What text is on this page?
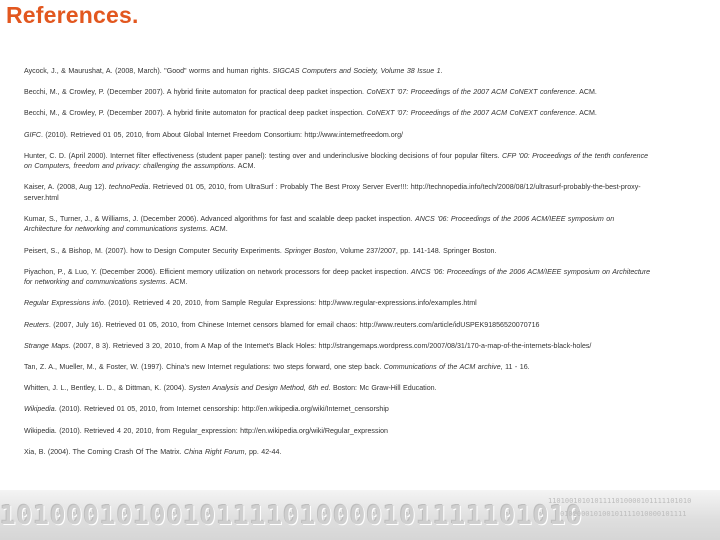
References.

Aycock, J., & Maurushat, A. (2008, March). "Good" worms and human rights. SIGCAS Computers and Society, Volume 38 Issue 1.

Becchi, M., & Crowley, P. (December 2007). A hybrid finite automaton for practical deep packet inspection. CoNEXT '07: Proceedings of the 2007 ACM CoNEXT conference. ACM.

Becchi, M., & Crowley, P. (December 2007). A hybrid finite automaton for practical deep packet inspection. CoNEXT '07: Proceedings of the 2007 ACM CoNEXT conference. ACM.

GIFC. (2010). Retrieved 01 05, 2010, from About Global Internet Freedom Consortium: http://www.internetfreedom.org/

Hunter, C. D. (April 2000). Internet filter effectiveness (student paper panel): testing over and underinclusive blocking decisions of four popular filters. CFP '00: Proceedings of the tenth conference on Computers, freedom and privacy: challenging the assumptions. ACM.

Kaiser, A. (2008, Aug 12). technoPedia. Retrieved 01 05, 2010, from UltraSurf : Probably The Best Proxy Server Ever!!!: http://technopedia.info/tech/2008/08/12/ultrasurf-probably-the-best-proxy-server.html

Kumar, S., Turner, J., & Williams, J. (December 2006). Advanced algorithms for fast and scalable deep packet inspection. ANCS '06: Proceedings of the 2006 ACM/IEEE symposium on Architecture for networking and communications systems. ACM.

Peisert, S., & Bishop, M. (2007). how to Design Computer Security Experiments. Springer Boston, Volume 237/2007, pp. 141-148. Springer Boston.

Piyachon, P., & Luo, Y. (December 2006). Efficient memory utilization on network processors for deep packet inspection. ANCS '06: Proceedings of the 2006 ACM/IEEE symposium on Architecture for networking and communications systems. ACM.

Regular Expressions info. (2010). Retrieved 4 20, 2010, from Sample Regular Expressions: http://www.regular-expressions.info/examples.html

Reuters. (2007, July 16). Retrieved 01 05, 2010, from Chinese Internet censors blamed for email chaos: http://www.reuters.com/article/idUSPEK91856520070716

Strange Maps. (2007, 8 3). Retrieved 3 20, 2010, from A Map of the Internet's Black Holes: http://strangemaps.wordpress.com/2007/08/31/170-a-map-of-the-internets-black-holes/

Tan, Z. A., Mueller, M., & Foster, W. (1997). China's new Internet regulations: two steps forward, one step back. Communications of the ACM archive, 11 - 16.

Whitten, J. L., Bentley, L. D., & Dittman, K. (2004). Systen Analysis and Design Method, 6th ed. Boston: Mc Graw-Hill Education.

Wikipedia. (2010). Retrieved 01 05, 2010, from Internet censorship: http://en.wikipedia.org/wiki/Internet_censorship

Wikipedia. (2010). Retrieved 4 20, 2010, from Regular_expression: http://en.wikipedia.org/wiki/Regular_expression

Xia, B. (2004). The Coming Crash Of The Matrix. China Right Forum, pp. 42-44.

10100010100101111010000101111101010
1101001010101111010000101111101010
010100010100101111010000101111
